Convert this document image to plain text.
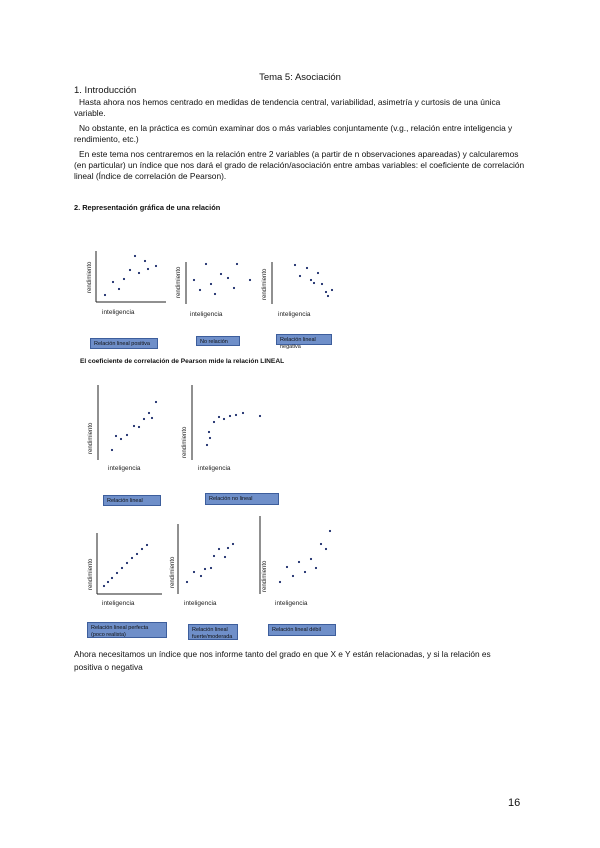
Tema 5: Asociación
1. Introducción
Hasta ahora nos hemos centrado en medidas de tendencia central, variabilidad, asimetría y curtosis de una única variable.
No obstante, en la práctica es común examinar dos o más variables conjuntamente (v.g., relación entre inteligencia y rendimiento, etc.)
En este tema nos centraremos en la relación entre 2 variables (a partir de n observaciones apareadas) y calcularemos (en particular) un índice que nos dará el grado de relación/asociación entre ambas variables: el coeficiente de correlación lineal (Índice de correlación de Pearson).
2. Representación gráfica de una relación
rendimiento
inteligencia
Relación lineal positiva
rendimiento
inteligencia
No relación
rendimiento
inteligencia
Relación lineal negativa
El coeficiente de correlación de Pearson mide la relación LINEAL
rendimiento
inteligencia
Relación lineal
rendimiento
inteligencia
Relación no lineal
rendimiento
inteligencia
Relación lineal perfecta (poco realista)
rendimiento
inteligencia
Relación lineal fuerte/moderada
rendimiento
inteligencia
Relación lineal débil
Ahora necesitamos un índice que nos informe tanto del grado en que X e Y están relacionadas, y si la relación es positiva o negativa
16
